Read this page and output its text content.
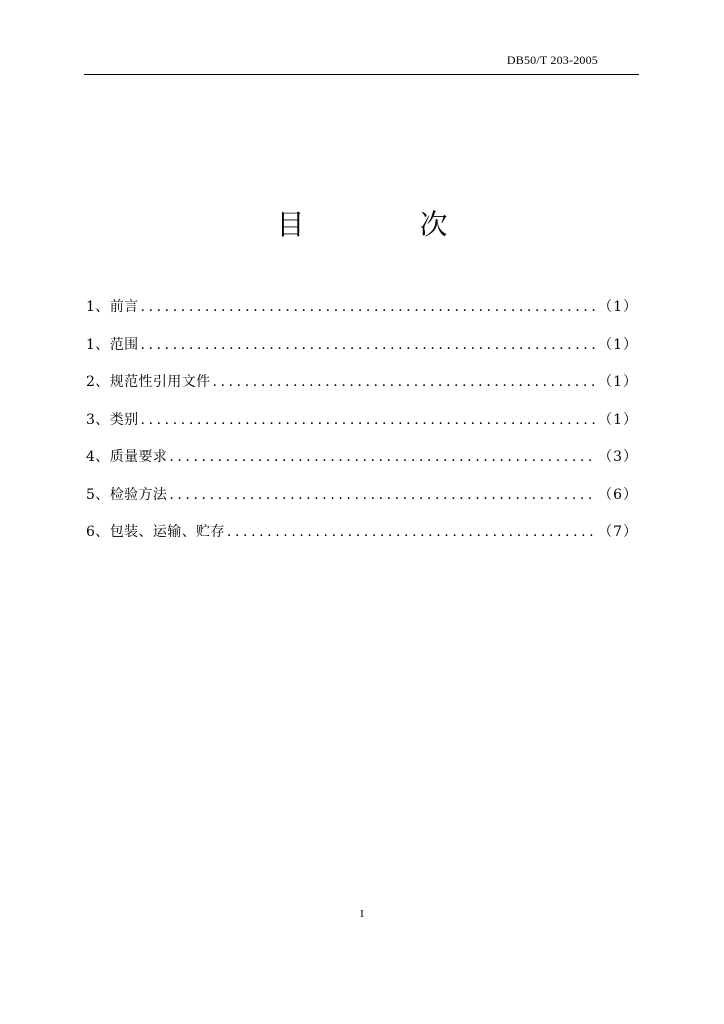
DB50/T 203-2005
目	次
1、前言 .....	（1）
1、范围 .....	（1）
2、规范性引用文件 .....	（1）
3、类别 .....	（1）
4、质量要求 .....	（3）
5、检验方法 .....	（6）
6、包装、运输、贮存 .....	（7）
I
